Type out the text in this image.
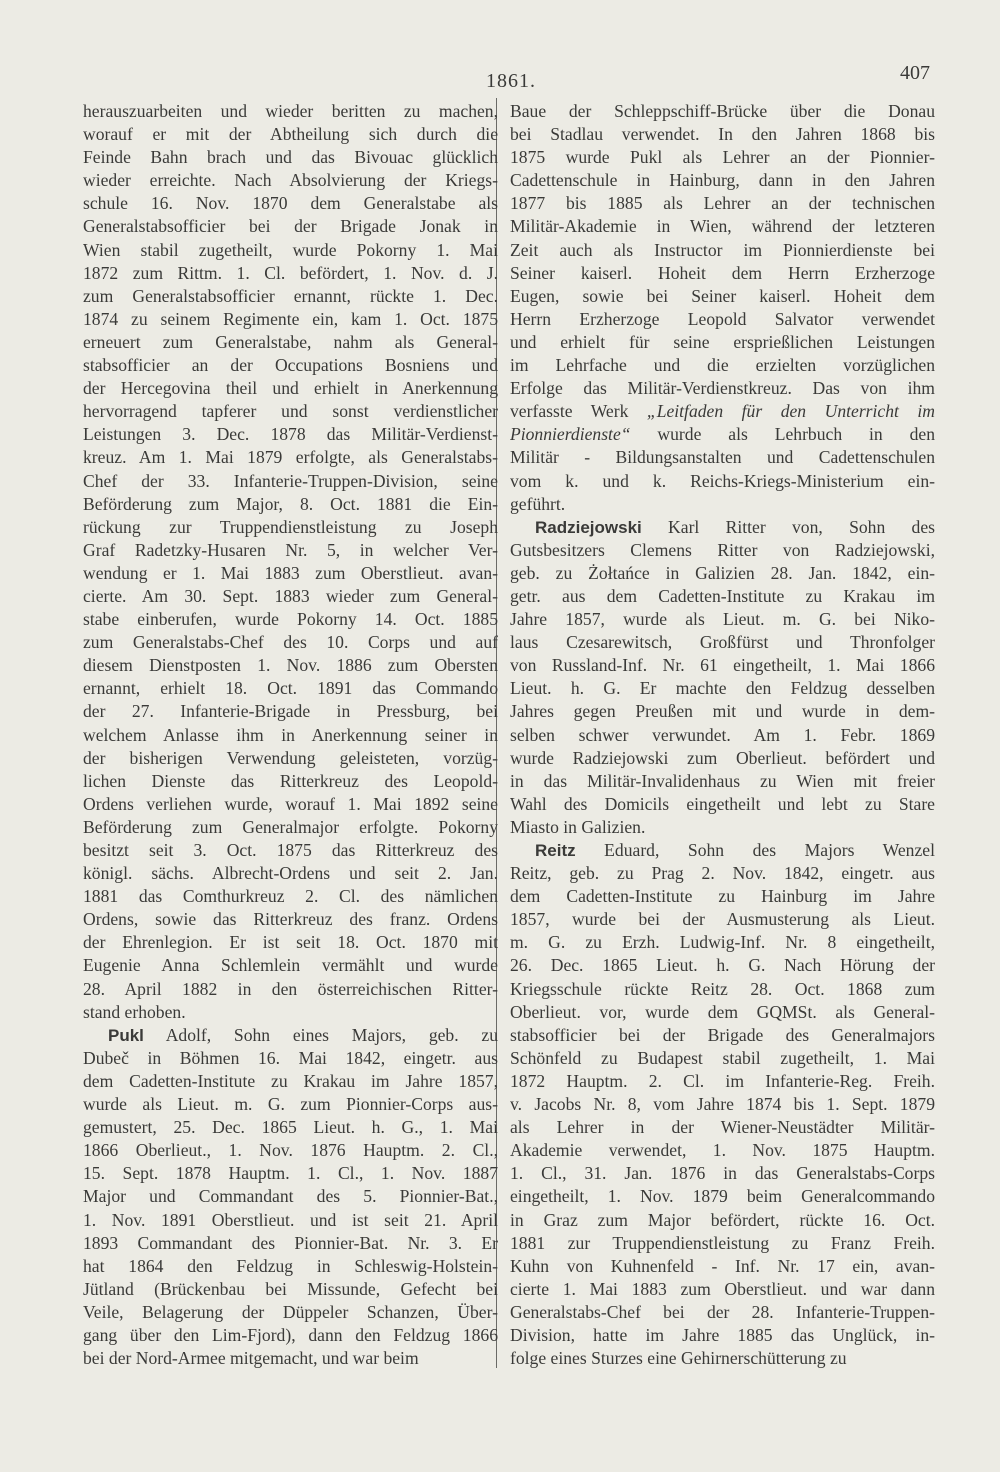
1861.	407
herauszuarbeiten und wieder beritten zu machen,
worauf er mit der Abtheilung sich durch die
Feinde Bahn brach und das Bivouac glücklich
wieder erreichte. Nach Absolvierung der Kriegs-
schule 16. Nov. 1870 dem Generalstabe als
Generalstabsofficier bei der Brigade Jonak in
Wien stabil zugetheilt, wurde Pokorny 1. Mai
1872 zum Rittm. 1. Cl. befördert, 1. Nov. d. J.
zum Generalstabsofficier ernannt, rückte 1. Dec.
1874 zu seinem Regimente ein, kam 1. Oct. 1875
erneuert zum Generalstabe, nahm als General-
stabsofficier an der Occupations Bosniens und
der Hercegovina theil und erhielt in Anerkennung
hervorragend tapferer und sonst verdienstlicher
Leistungen 3. Dec. 1878 das Militär-Verdienst-
kreuz. Am 1. Mai 1879 erfolgte, als Generalstabs-
Chef der 33. Infanterie-Truppen-Division, seine
Beförderung zum Major, 8. Oct. 1881 die Ein-
rückung zur Truppendienstleistung zu Joseph
Graf Radetzky-Husaren Nr. 5, in welcher Ver-
wendung er 1. Mai 1883 zum Oberstlieut. avan-
cierte. Am 30. Sept. 1883 wieder zum General-
stabe einberufen, wurde Pokorny 14. Oct. 1885
zum Generalstabs-Chef des 10. Corps und auf
diesem Dienstposten 1. Nov. 1886 zum Obersten
ernannt, erhielt 18. Oct. 1891 das Commando
der 27. Infanterie-Brigade in Pressburg, bei
welchem Anlasse ihm in Anerkennung seiner in
der bisherigen Verwendung geleisteten, vorzüg-
lichen Dienste das Ritterkreuz des Leopold-
Ordens verliehen wurde, worauf 1. Mai 1892 seine
Beförderung zum Generalmajor erfolgte. Pokorny
besitzt seit 3. Oct. 1875 das Ritterkreuz des
königl. sächs. Albrecht-Ordens und seit 2. Jan.
1881 das Comthurkreuz 2. Cl. des nämlichen
Ordens, sowie das Ritterkreuz des franz. Ordens
der Ehrenlegion. Er ist seit 18. Oct. 1870 mit
Eugenie Anna Schlemlein vermählt und wurde
28. April 1882 in den österreichischen Ritter-
stand erhoben.
Pukl Adolf, Sohn eines Majors, geb. zu
Dubeč in Böhmen 16. Mai 1842, eingetr. aus
dem Cadetten-Institute zu Krakau im Jahre 1857,
wurde als Lieut. m. G. zum Pionnier-Corps aus-
gemustert, 25. Dec. 1865 Lieut. h. G., 1. Mai
1866 Oberlieut., 1. Nov. 1876 Hauptm. 2. Cl.,
15. Sept. 1878 Hauptm. 1. Cl., 1. Nov. 1887
Major und Commandant des 5. Pionnier-Bat.,
1. Nov. 1891 Oberstlieut. und ist seit 21. April
1893 Commandant des Pionnier-Bat. Nr. 3. Er
hat 1864 den Feldzug in Schleswig-Holstein-
Jütland (Brückenbau bei Missunde, Gefecht bei
Veile, Belagerung der Düppeler Schanzen, Über-
gang über den Lim-Fjord), dann den Feldzug 1866
bei der Nord-Armee mitgemacht, und war beim
Baue der Schleppschiff-Brücke über die Donau
bei Stadlau verwendet. In den Jahren 1868 bis
1875 wurde Pukl als Lehrer an der Pionnier-
Cadettenschule in Hainburg, dann in den Jahren
1877 bis 1885 als Lehrer an der technischen
Militär-Akademie in Wien, während der letzteren
Zeit auch als Instructor im Pionnierdienste bei
Seiner kaiserl. Hoheit dem Herrn Erzherzoge
Eugen, sowie bei Seiner kaiserl. Hoheit dem
Herrn Erzherzoge Leopold Salvator verwendet
und erhielt für seine ersprießlichen Leistungen
im Lehrfache und die erzielten vorzüglichen
Erfolge das Militär-Verdienstkreuz. Das von ihm
verfasste Werk „Leitfaden für den Unterricht im
Pionnierdienste“ wurde als Lehrbuch in den
Militär - Bildungsanstalten und Cadettenschulen
vom k. und k. Reichs-Kriegs-Ministerium ein-
geführt.
Radziejowski Karl Ritter von, Sohn des
Gutsbesitzers Clemens Ritter von Radziejowski,
geb. zu Żołtańce in Galizien 28. Jan. 1842, ein-
getr. aus dem Cadetten-Institute zu Krakau im
Jahre 1857, wurde als Lieut. m. G. bei Niko-
laus Czesarewitsch, Großfürst und Thronfolger
von Russland-Inf. Nr. 61 eingetheilt, 1. Mai 1866
Lieut. h. G. Er machte den Feldzug desselben
Jahres gegen Preußen mit und wurde in dem-
selben schwer verwundet. Am 1. Febr. 1869
wurde Radziejowski zum Oberlieut. befördert und
in das Militär-Invalidenhaus zu Wien mit freier
Wahl des Domicils eingetheilt und lebt zu Stare
Miasto in Galizien.
Reitz Eduard, Sohn des Majors Wenzel
Reitz, geb. zu Prag 2. Nov. 1842, eingetr. aus
dem Cadetten-Institute zu Hainburg im Jahre
1857, wurde bei der Ausmusterung als Lieut.
m. G. zu Erzh. Ludwig-Inf. Nr. 8 eingetheilt,
26. Dec. 1865 Lieut. h. G. Nach Hörung der
Kriegsschule rückte Reitz 28. Oct. 1868 zum
Oberlieut. vor, wurde dem GQMSt. als General-
stabsofficier bei der Brigade des Generalmajors
Schönfeld zu Budapest stabil zugetheilt, 1. Mai
1872 Hauptm. 2. Cl. im Infanterie-Reg. Freih.
v. Jacobs Nr. 8, vom Jahre 1874 bis 1. Sept. 1879
als Lehrer in der Wiener-Neustädter Militär-
Akademie verwendet, 1. Nov. 1875 Hauptm.
1. Cl., 31. Jan. 1876 in das Generalstabs-Corps
eingetheilt, 1. Nov. 1879 beim Generalcommando
in Graz zum Major befördert, rückte 16. Oct.
1881 zur Truppendienstleistung zu Franz Freih.
Kuhn von Kuhnenfeld - Inf. Nr. 17 ein, avan-
cierte 1. Mai 1883 zum Oberstlieut. und war dann
Generalstabs-Chef bei der 28. Infanterie-Truppen-
Division, hatte im Jahre 1885 das Unglück, in-
folge eines Sturzes eine Gehirnerschütterung zu
